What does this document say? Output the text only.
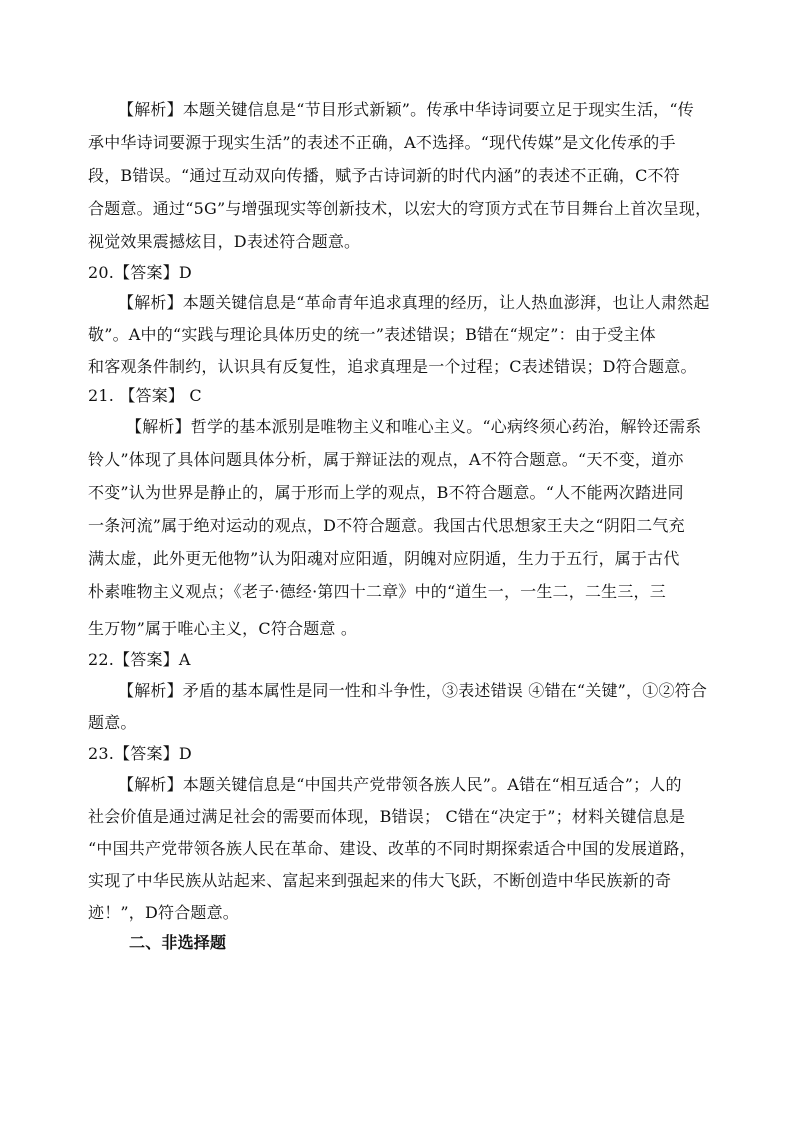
【解析】本题关键信息是“节目形式新颖”。传承中华诗词要立足于现实生活，“传
承中华诗词要源于现实生活”的表述不正确，A不选择。“现代传媒”是文化传承的手
段，B错误。“通过互动双向传播，赋予古诗词新的时代内涵”的表述不正确，C不符
合题意。通过“5G”与增强现实等创新技术，以宏大的穹顶方式在节目舞台上首次呈现，
视觉效果震撼炫目，D表述符合题意。
20.【答案】D
【解析】本题关键信息是“革命青年追求真理的经历，让人热血澎湃，也让人肃然起
敬”。A中的“实践与理论具体历史的统一”表述错误；B错在“规定”：由于受主体
和客观条件制约，认识具有反复性，追求真理是一个过程；C表述错误；D符合题意。
21. 【答案】 C
【解析】哲学的基本派别是唯物主义和唯心主义。“心病终须心药治，解铃还需系
铃人”体现了具体问题具体分析，属于辩证法的观点，A不符合题意。“天不变，道亦
不变”认为世界是静止的，属于形而上学的观点，B不符合题意。“人不能两次踏进同
一条河流”属于绝对运动的观点，D不符合题意。我国古代思想家王夫之“阴阳二气充
满太虚，此外更无他物”认为阳魂对应阳遁，阴魄对应阴遁，生力于五行，属于古代
朴素唯物主义观点；《老子·德经·第四十二章》中的“道生一，一生二，二生三，三
生万物”属于唯心主义，C符合题意 。
22.【答案】A
【解析】矛盾的基本属性是同一性和斗争性，③表述错误 ④错在“关键”，①②符合
题意。
23.【答案】D
【解析】本题关键信息是“中国共产党带领各族人民”。A错在“相互适合”；人的
社会价值是通过满足社会的需要而体现，B错误； C错在“决定于”；材料关键信息是
“中国共产党带领各族人民在革命、建设、改革的不同时期探索适合中国的发展道路，
实现了中华民族从站起来、富起来到强起来的伟大飞跃，不断创造中华民族新的奇
迹！”，D符合题意。
二、非选择题
